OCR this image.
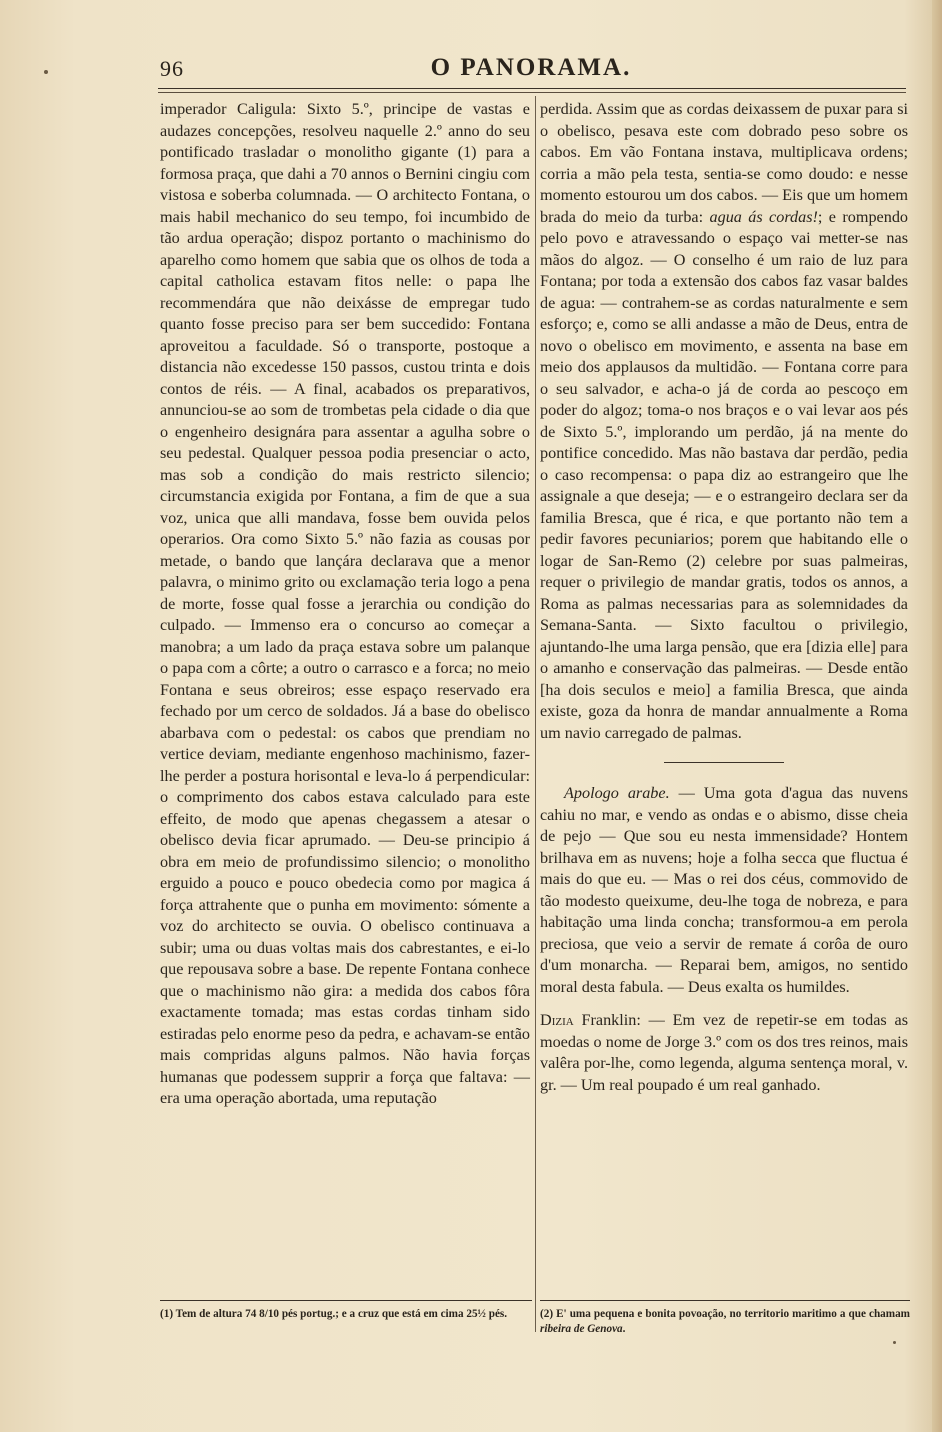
96	O PANORAMA.

imperador Caligula: Sixto 5.º, principe de vastas e audazes concepções, resolveu naquelle 2.º anno do seu pontificado trasladar o monolitho gigante (1) para a formosa praça, que dahi a 70 annos o Bernini cingiu com vistosa e soberba columnada. — O architecto Fontana, o mais habil mechanico do seu tempo, foi incumbido de tão ardua operação; dispoz portanto o machinismo do aparelho como homem que sabia que os olhos de toda a capital catholica estavam fitos nelle: o papa lhe recommendára que não deixásse de empregar tudo quanto fosse preciso para ser bem succedido: Fontana aproveitou a faculdade. Só o transporte, postoque a distancia não excedesse 150 passos, custou trinta e dois contos de réis. — A final, acabados os preparativos, annunciou-se ao som de trombetas pela cidade o dia que o engenheiro designára para assentar a agulha sobre o seu pedestal. Qualquer pessoa podia presenciar o acto, mas sob a condição do mais restricto silencio; circumstancia exigida por Fontana, a fim de que a sua voz, unica que alli mandava, fosse bem ouvida pelos operarios. Ora como Sixto 5.º não fazia as cousas por metade, o bando que lançára declarava que a menor palavra, o minimo grito ou exclamação teria logo a pena de morte, fosse qual fosse a jerarchia ou condição do culpado. — Immenso era o concurso ao começar a manobra; a um lado da praça estava sobre um palanque o papa com a côrte; a outro o carrasco e a forca; no meio Fontana e seus obreiros; esse espaço reservado era fechado por um cerco de soldados. Já a base do obelisco abarbava com o pedestal: os cabos que prendiam no vertice deviam, mediante engenhoso machinismo, fazer-lhe perder a postura horisontal e leva-lo á perpendicular: o comprimento dos cabos estava calculado para este effeito, de modo que apenas chegassem a atesar o obelisco devia ficar aprumado. — Deu-se principio á obra em meio de profundissimo silencio; o monolitho erguido a pouco e pouco obedecia como por magica á força attrahente que o punha em movimento: sómente a voz do architecto se ouvia. O obelisco continuava a subir; uma ou duas voltas mais dos cabrestantes, e ei-lo que repousava sobre a base. De repente Fontana conhece que o machinismo não gira: a medida dos cabos fôra exactamente tomada; mas estas cordas tinham sido estiradas pelo enorme peso da pedra, e achavam-se então mais compridas alguns palmos. Não havia forças humanas que podessem supprir a força que faltava: — era uma operação abortada, uma reputação

perdida. Assim que as cordas deixassem de puxar para si o obelisco, pesava este com dobrado peso sobre os cabos. Em vão Fontana instava, multiplicava ordens; corria a mão pela testa, sentia-se como doudo: e nesse momento estourou um dos cabos. — Eis que um homem brada do meio da turba: agua ás cordas!; e rompendo pelo povo e atravessando o espaço vai metter-se nas mãos do algoz. — O conselho é um raio de luz para Fontana; por toda a extensão dos cabos faz vasar baldes de agua: — contrahem-se as cordas naturalmente e sem esforço; e, como se alli andasse a mão de Deus, entra de novo o obelisco em movimento, e assenta na base em meio dos applausos da multidão. — Fontana corre para o seu salvador, e acha-o já de corda ao pescoço em poder do algoz; toma-o nos braços e o vai levar aos pés de Sixto 5.º, implorando um perdão, já na mente do pontifice concedido. Mas não bastava dar perdão, pedia o caso recompensa: o papa diz ao estrangeiro que lhe assignale a que deseja; — e o estrangeiro declara ser da familia Bresca, que é rica, e que portanto não tem a pedir favores pecuniarios; porem que habitando elle o logar de San-Remo (2) celebre por suas palmeiras, requer o privilegio de mandar gratis, todos os annos, a Roma as palmas necessarias para as solemnidades da Semana-Santa. — Sixto facultou o privilegio, ajuntando-lhe uma larga pensão, que era [dizia elle] para o amanho e conservação das palmeiras. — Desde então [ha dois seculos e meio] a familia Bresca, que ainda existe, goza da honra de mandar annualmente a Roma um navio carregado de palmas.

Apologo arabe. — Uma gota d'agua das nuvens cahiu no mar, e vendo as ondas e o abismo, disse cheia de pejo — Que sou eu nesta immensidade? Hontem brilhava em as nuvens; hoje a folha secca que fluctua é mais do que eu. — Mas o rei dos céus, commovido de tão modesto queixume, deu-lhe toga de nobreza, e para habitação uma linda concha; transformou-a em perola preciosa, que veio a servir de remate á corôa de ouro d'um monarcha. — Reparai bem, amigos, no sentido moral desta fabula. — Deus exalta os humildes.

Dizia Franklin: — Em vez de repetir-se em todas as moedas o nome de Jorge 3.º com os dos tres reinos, mais valêra por-lhe, como legenda, alguma sentença moral, v. gr. — Um real poupado é um real ganhado.

(1) Tem de altura 74 8/10 pés portug.; e a cruz que está em cima 25½ pés.	(2) E' uma pequena e bonita povoação, no territorio maritimo a que chamam ribeira de Genova.
